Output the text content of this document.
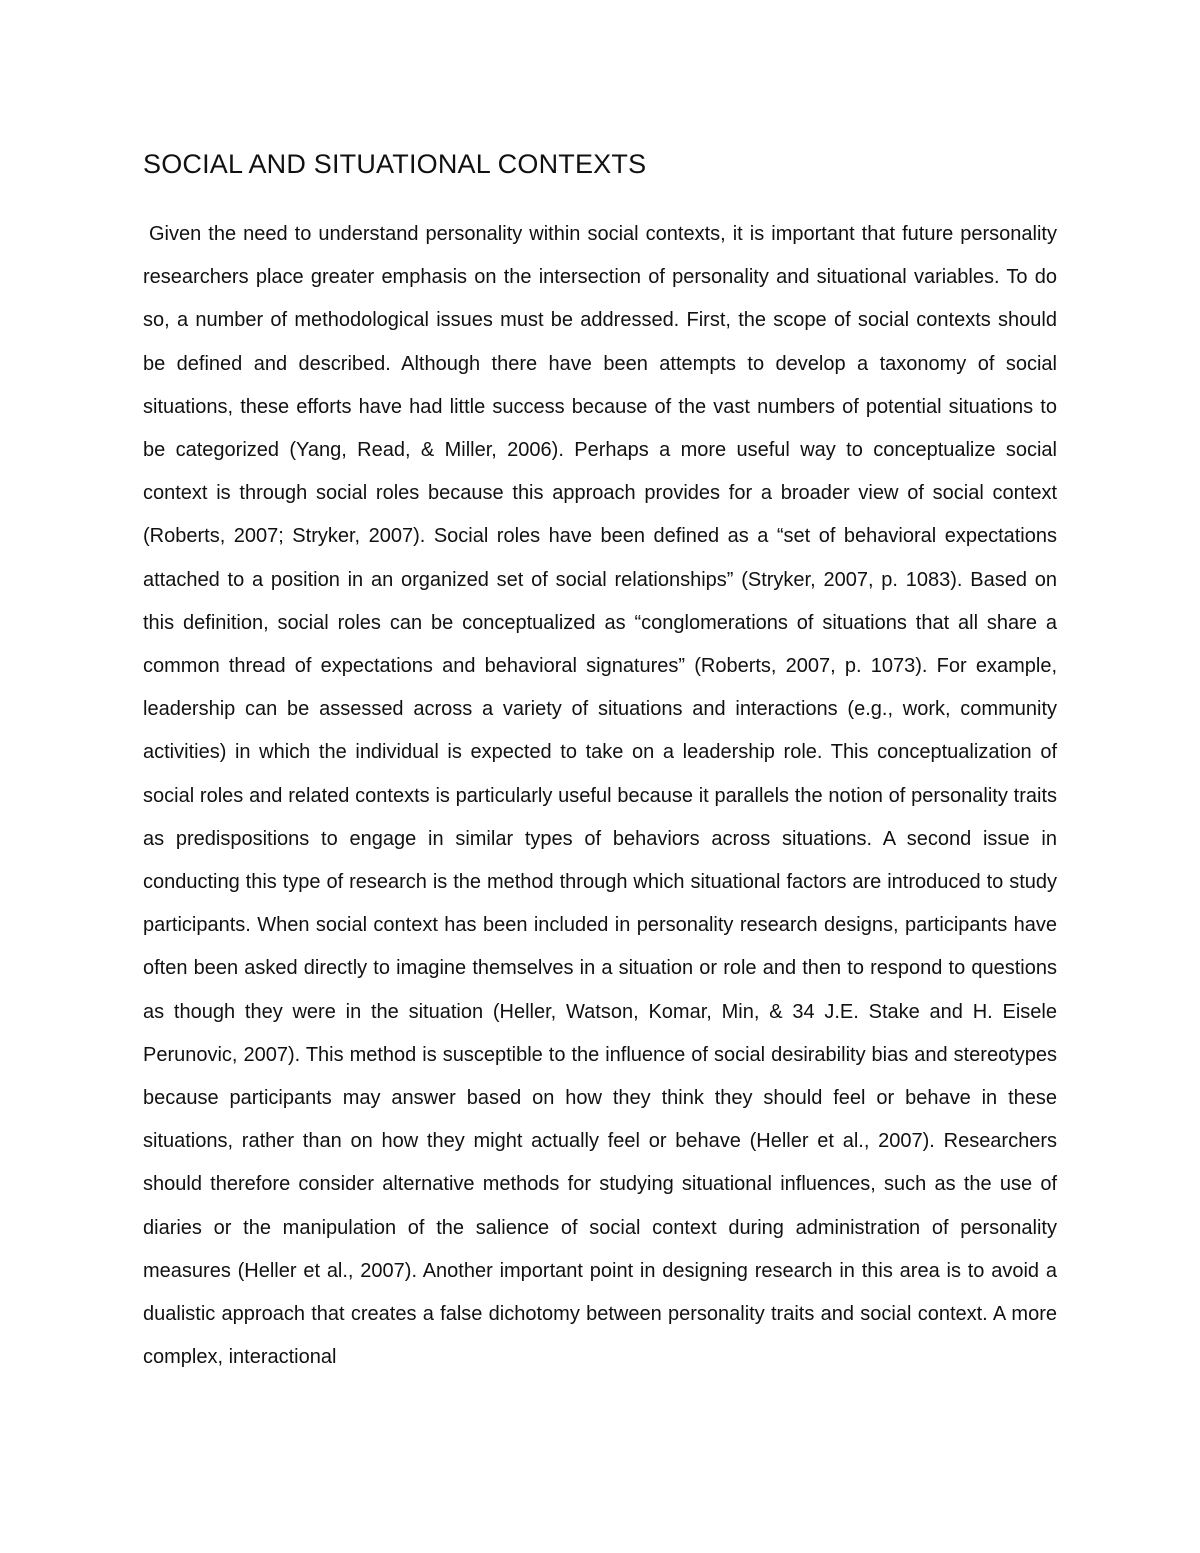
SOCIAL AND SITUATIONAL CONTEXTS

Given the need to understand personality within social contexts, it is important that future personality researchers place greater emphasis on the intersection of personality and situational variables. To do so, a number of methodological issues must be addressed. First, the scope of social contexts should be defined and described. Although there have been attempts to develop a taxonomy of social situations, these efforts have had little success because of the vast numbers of potential situations to be categorized (Yang, Read, & Miller, 2006). Perhaps a more useful way to conceptualize social context is through social roles because this approach provides for a broader view of social context (Roberts, 2007; Stryker, 2007). Social roles have been defined as a “set of behavioral expectations attached to a position in an organized set of social relationships” (Stryker, 2007, p. 1083). Based on this definition, social roles can be conceptualized as “conglomerations of situations that all share a common thread of expectations and behavioral signatures” (Roberts, 2007, p. 1073). For example, leadership can be assessed across a variety of situations and interactions (e.g., work, community activities) in which the individual is expected to take on a leadership role. This conceptualization of social roles and related contexts is particularly useful because it parallels the notion of personality traits as predispositions to engage in similar types of behaviors across situations. A second issue in conducting this type of research is the method through which situational factors are introduced to study participants. When social context has been included in personality research designs, participants have often been asked directly to imagine themselves in a situation or role and then to respond to questions as though they were in the situation (Heller, Watson, Komar, Min, & 34 J.E. Stake and H. Eisele Perunovic, 2007). This method is susceptible to the influence of social desirability bias and stereotypes because participants may answer based on how they think they should feel or behave in these situations, rather than on how they might actually feel or behave (Heller et al., 2007). Researchers should therefore consider alternative methods for studying situational influences, such as the use of diaries or the manipulation of the salience of social context during administration of personality measures (Heller et al., 2007). Another important point in designing research in this area is to avoid a dualistic approach that creates a false dichotomy between personality traits and social context. A more complex, interactional
